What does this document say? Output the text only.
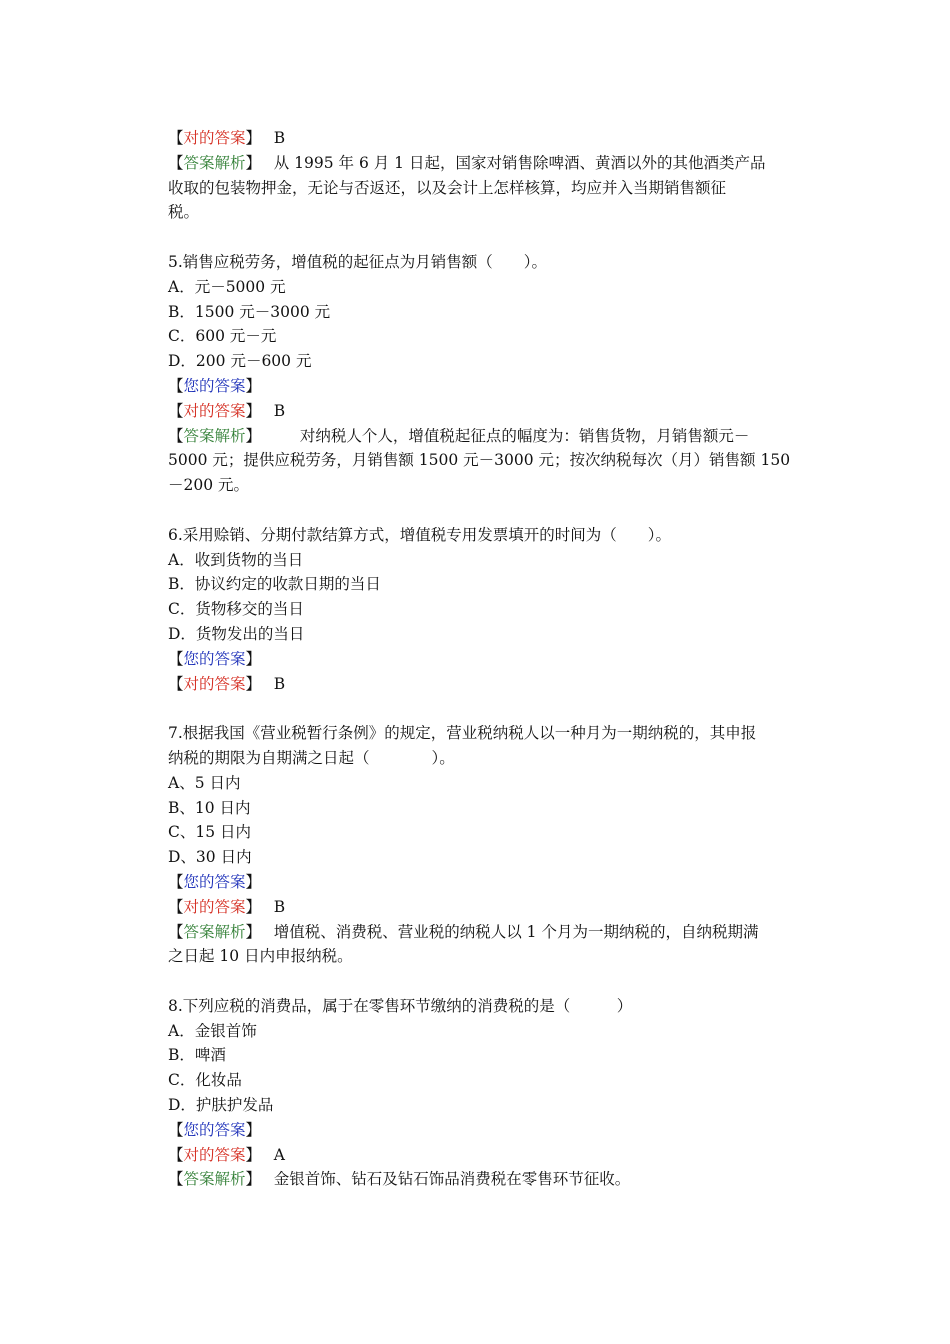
【对的答案】　 B
【答案解析】　 从 1995 年 6 月 1 日起，国家对销售除啤酒、黄酒以外的其他酒类产品
收取的包装物押金，无论与否返还，以及会计上怎样核算，均应并入当期销售额征
税。
5.销售应税劳务，增值税的起征点为月销售额（　　）。
A．元－5000 元
B．1500 元－3000 元
C．600 元－元
D．200 元－600 元
【您的答案】
【对的答案】　 B
【答案解析】　　　	对纳税人个人，增值税起征点的幅度为：销售货物，月销售额元－
5000 元；提供应税劳务，月销售额 1500 元－3000 元；按次纳税每次（月）销售额 150
－200 元。
6.采用赊销、分期付款结算方式，增值税专用发票填开的时间为（　　）。
A．收到货物的当日
B．协议约定的收款日期的当日
C．货物移交的当日
D．货物发出的当日
【您的答案】
【对的答案】　 B
7.根据我国《营业税暂行条例》的规定，营业税纳税人以一种月为一期纳税的，其申报
纳税的期限为自期满之日起（　　　　）。
A、5 日内
B、10 日内
C、15 日内
D、30 日内
【您的答案】
【对的答案】　 B
【答案解析】　 增值税、消费税、营业税的纳税人以 1 个月为一期纳税的，自纳税期满
之日起 10 日内申报纳税。
8.下列应税的消费品，属于在零售环节缴纳的消费税的是（　　　）
A．金银首饰
B．啤酒
C．化妆品
D．护肤护发品
【您的答案】
【对的答案】　 A
【答案解析】　 金银首饰、钻石及钻石饰品消费税在零售环节征收。
